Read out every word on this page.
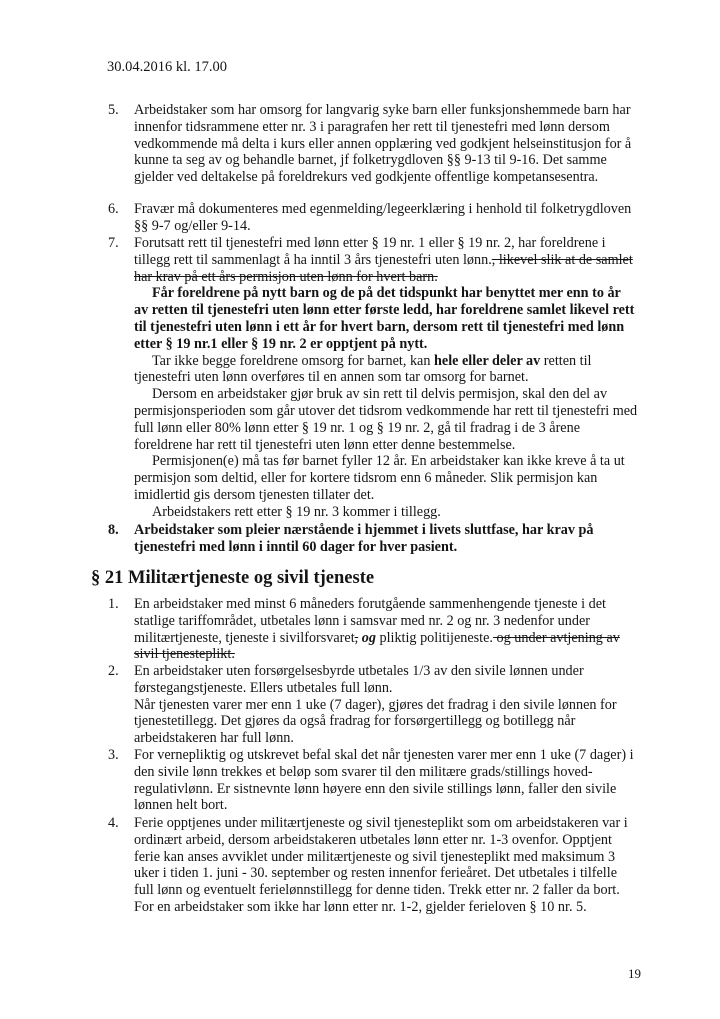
30.04.2016 kl. 17.00
5. Arbeidstaker som har omsorg for langvarig syke barn eller funksjonshemmede barn har innenfor tidsrammene etter nr. 3 i paragrafen her rett til tjenestefri med lønn dersom vedkommende må delta i kurs eller annen opplæring ved godkjent helseinstitusjon for å kunne ta seg av og behandle barnet, jf folketrygdloven §§ 9-13 til 9-16. Det samme gjelder ved deltakelse på foreldrekurs ved godkjente offentlige kompetansesentra.

6. Fravær må dokumenteres med egenmelding/legeerklæring i henhold til folketrygdloven §§ 9-7 og/eller 9-14.

7. Forutsatt rett til tjenestefri med lønn etter § 19 nr. 1 eller § 19 nr. 2, har foreldrene i tillegg rett til sammenlagt å ha inntil 3 års tjenestefri uten lønn., likevel slik at de samlet har krav på ett års permisjon uten lønn for hvert barn.

Får foreldrene på nytt barn og de på det tidspunkt har benyttet mer enn to år av retten til tjenestefri uten lønn etter første ledd, har foreldrene samlet likevel rett til tjenestefri uten lønn i ett år for hvert barn, dersom rett til tjenestefri med lønn etter § 19 nr.1 eller § 19 nr. 2 er opptjent på nytt.

Tar ikke begge foreldrene omsorg for barnet, kan hele eller deler av retten til tjenestefri uten lønn overføres til en annen som tar omsorg for barnet.

Dersom en arbeidstaker gjør bruk av sin rett til delvis permisjon, skal den del av permisjonsperioden som går utover det tidsrom vedkommende har rett til tjenestefri med full lønn eller 80% lønn etter § 19 nr. 1 og § 19 nr. 2, gå til fradrag i de 3 årene foreldrene har rett til tjenestefri uten lønn etter denne bestemmelse.

Permisjonen(e) må tas før barnet fyller 12 år. En arbeidstaker kan ikke kreve å ta ut permisjon som deltid, eller for kortere tidsrom enn 6 måneder. Slik permisjon kan imidlertid gis dersom tjenesten tillater det.

Arbeidstakers rett etter § 19 nr. 3 kommer i tillegg.

8. Arbeidstaker som pleier nærstående i hjemmet i livets sluttfase, har krav på tjenestefri med lønn i inntil 60 dager for hver pasient.

§ 21 Militærtjeneste og sivil tjeneste
1. En arbeidstaker med minst 6 måneders forutgående sammenhengende tjeneste i det statlige tariffområdet, utbetales lønn i samsvar med nr. 2 og nr. 3 nedenfor under militærtjeneste, tjeneste i sivilforsvaret, og pliktig politijeneste. og under avtjening av sivil tjenesteplikt.

2. En arbeidstaker uten forsørgelsesbyrde utbetales 1/3 av den sivile lønnen under førstegangstjeneste. Ellers utbetales full lønn.

Når tjenesten varer mer enn 1 uke (7 dager), gjøres det fradrag i den sivile lønnen for tjenestetillegg. Det gjøres da også fradrag for forsørgertillegg og botillegg når arbeidstakeren har full lønn.

3. For vernepliktig og utskrevet befal skal det når tjenesten varer mer enn 1 uke (7 dager) i den sivile lønn trekkes et beløp som svarer til den militære grads/stillings hoved-regulativlønn. Er sistnevnte lønn høyere enn den sivile stillings lønn, faller den sivile lønnen helt bort.

4. Ferie opptjenes under militærtjeneste og sivil tjenesteplikt som om arbeidstakeren var i ordinært arbeid, dersom arbeidstakeren utbetales lønn etter nr. 1-3 ovenfor. Opptjent ferie kan anses avviklet under militærtjeneste og sivil tjenesteplikt med maksimum 3 uker i tiden 1. juni - 30. september og resten innenfor ferieåret. Det utbetales i tilfelle full lønn og eventuelt ferielønnstillegg for denne tiden. Trekk etter nr. 2 faller da bort. For en arbeidstaker som ikke har lønn etter nr. 1-2, gjelder ferieloven § 10 nr. 5.

19
